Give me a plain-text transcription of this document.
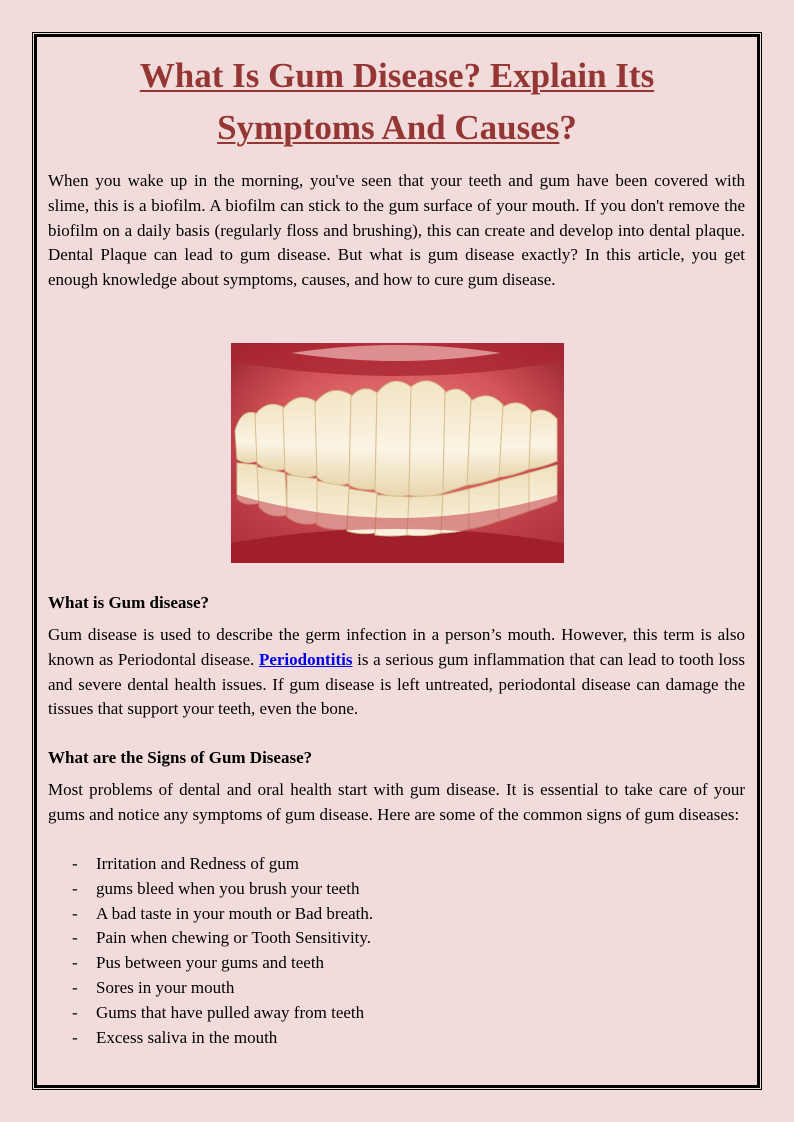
What Is Gum Disease? Explain Its
Symptoms And Causes?

When you wake up in the morning, you've seen that your teeth and gum have been covered with slime, this is a biofilm. A biofilm can stick to the gum surface of your mouth. If you don't remove the biofilm on a daily basis (regularly floss and brushing), this can create and develop into dental plaque. Dental Plaque can lead to gum disease. But what is gum disease exactly? In this article, you get enough knowledge about symptoms, causes, and how to cure gum disease.

What is Gum disease?

Gum disease is used to describe the germ infection in a person’s mouth. However, this term is also known as Periodontal disease. Periodontitis is a serious gum inflammation that can lead to tooth loss and severe dental health issues. If gum disease is left untreated, periodontal disease can damage the tissues that support your teeth, even the bone.

What are the Signs of Gum Disease?

Most problems of dental and oral health start with gum disease. It is essential to take care of your gums and notice any symptoms of gum disease. Here are some of the common signs of gum diseases:

-	Irritation and Redness of gum
-	gums bleed when you brush your teeth
-	A bad taste in your mouth or Bad breath.
-	Pain when chewing or Tooth Sensitivity.
-	Pus between your gums and teeth
-	Sores in your mouth
-	Gums that have pulled away from teeth
-	Excess saliva in the mouth
